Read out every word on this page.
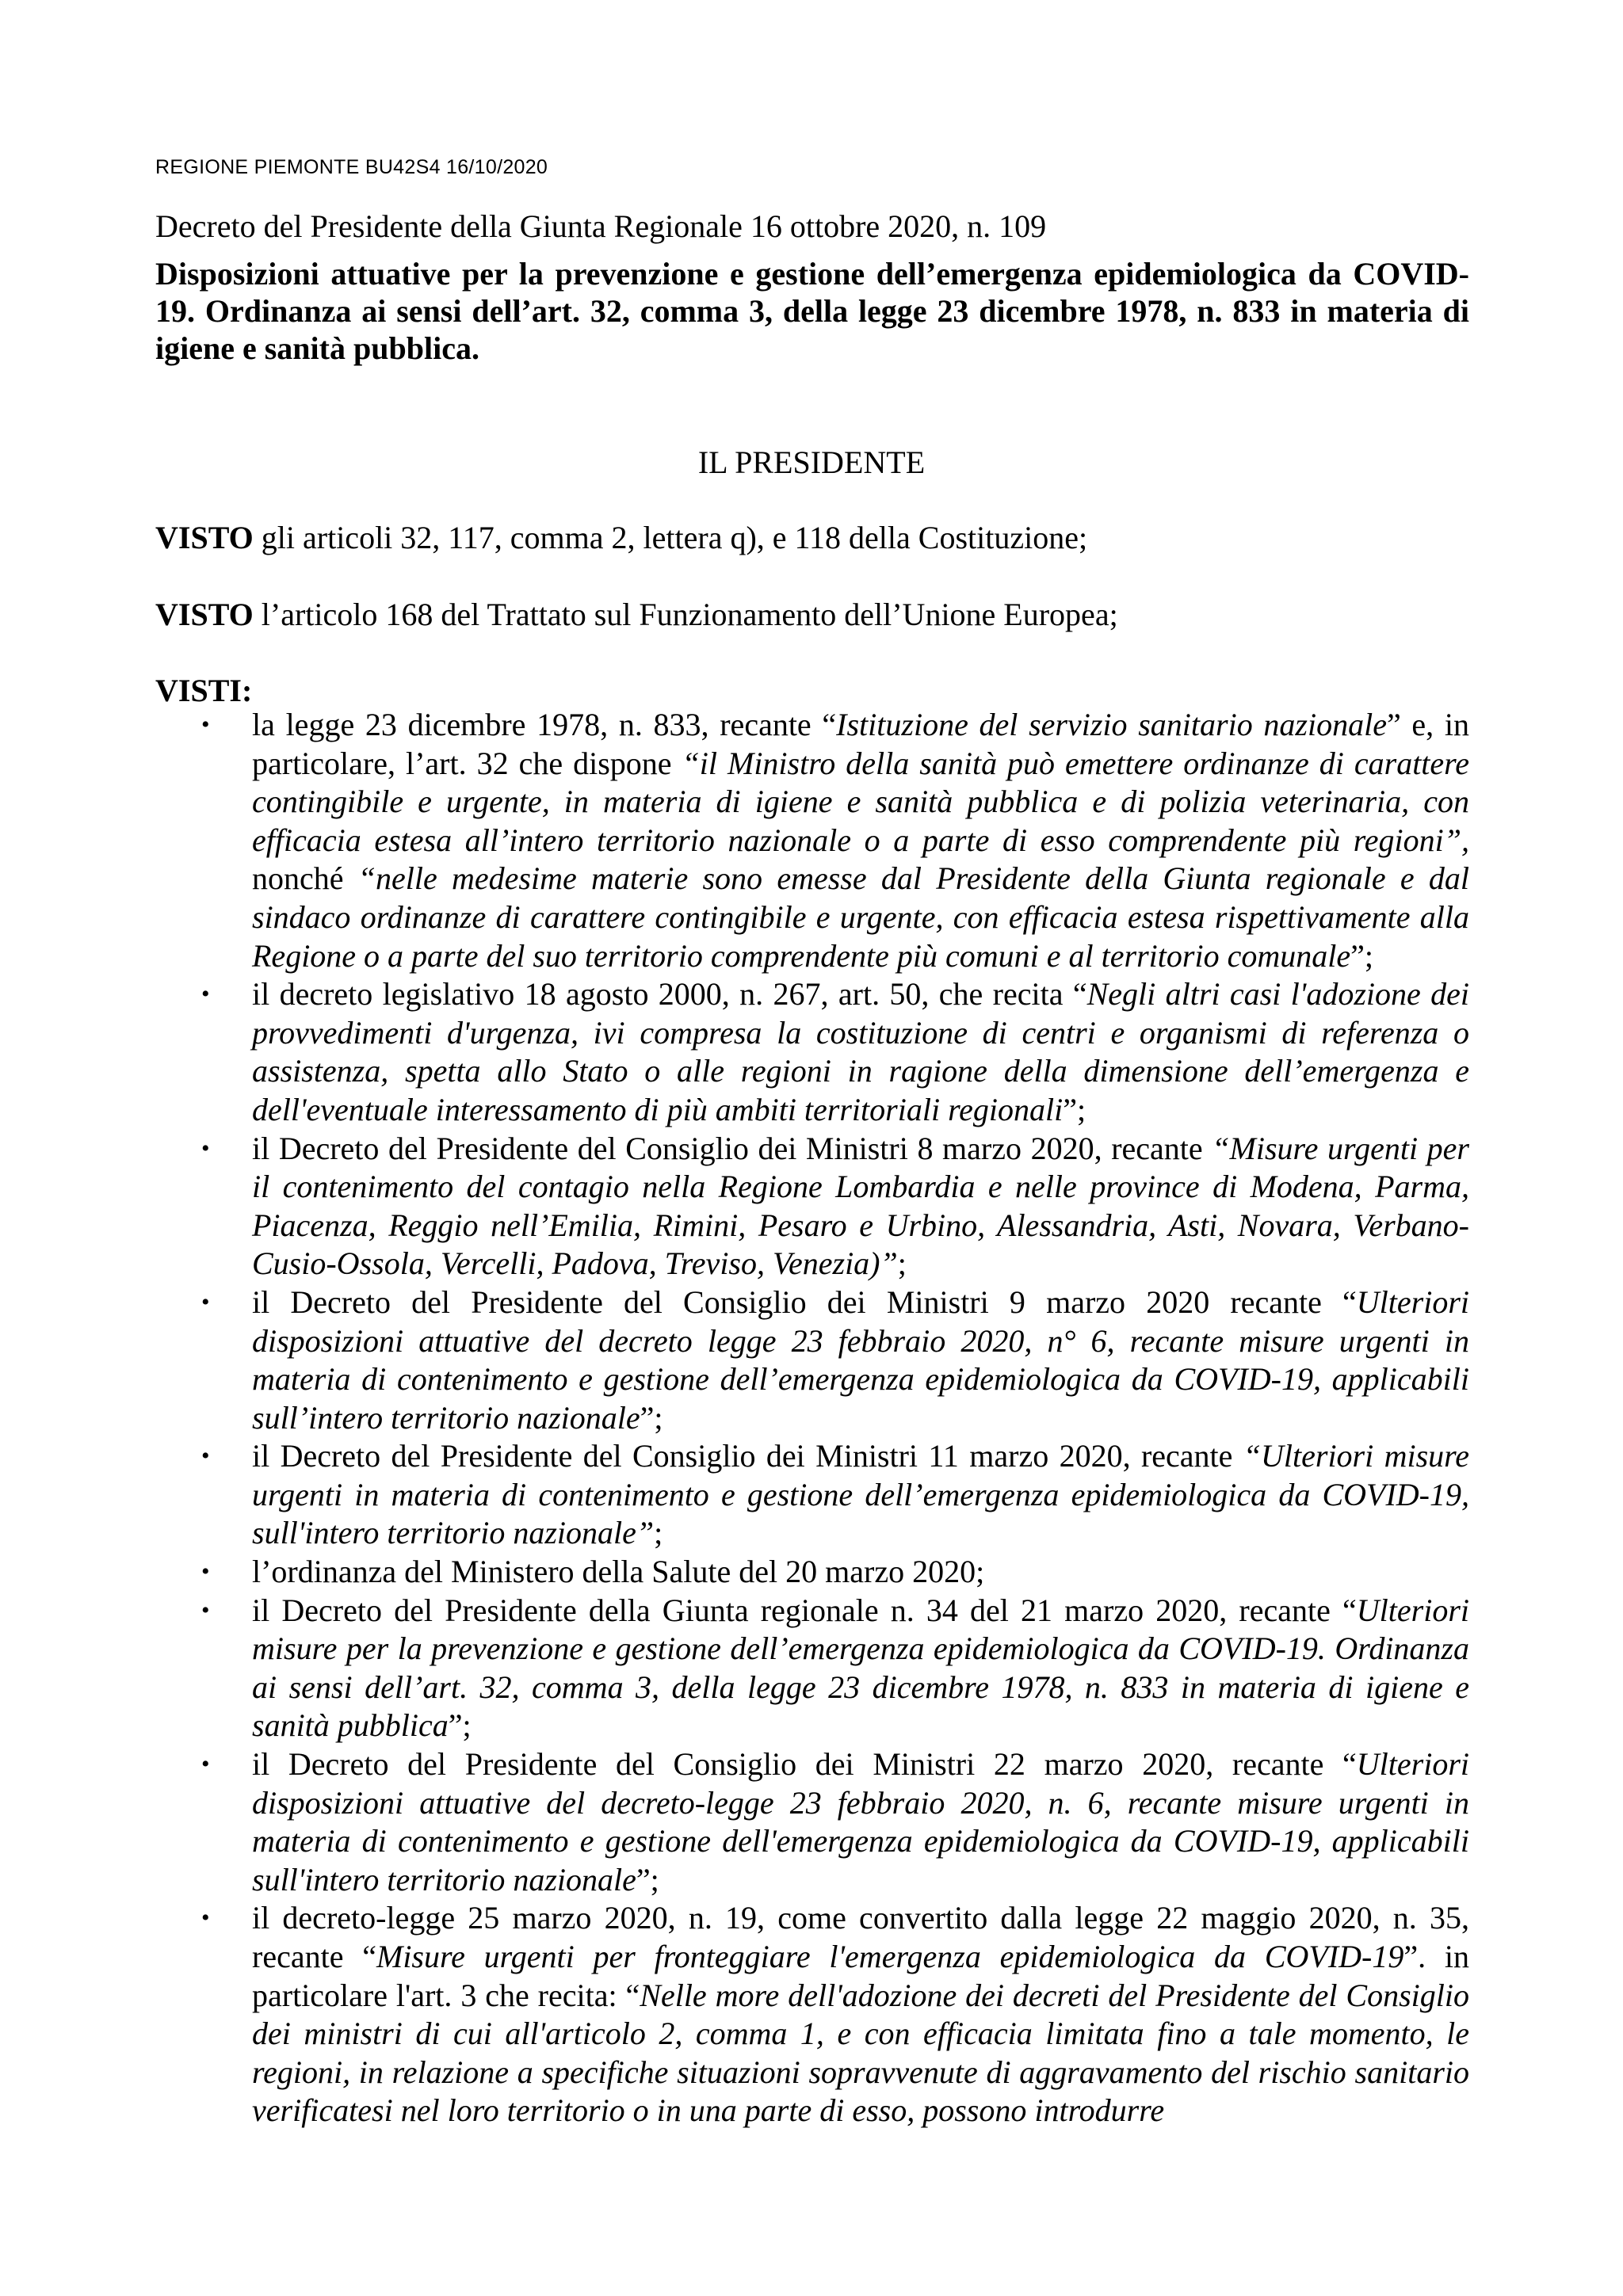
REGIONE PIEMONTE BU42S4 16/10/2020
Decreto del Presidente della Giunta Regionale 16 ottobre 2020, n. 109
Disposizioni attuative per la prevenzione e gestione dell’emergenza epidemiologica da COVID-19. Ordinanza ai sensi dell’art. 32, comma 3, della legge 23 dicembre 1978, n. 833 in materia di igiene e sanità pubblica.
IL PRESIDENTE
VISTO gli articoli 32, 117, comma 2, lettera q), e 118 della Costituzione;
VISTO l’articolo 168 del Trattato sul Funzionamento dell’Unione Europea;
VISTI:
• la legge 23 dicembre 1978, n. 833, recante “Istituzione del servizio sanitario nazionale” e, in particolare, l’art. 32 che dispone “il Ministro della sanità può emettere ordinanze di carattere contingibile e urgente, in materia di igiene e sanità pubblica e di polizia veterinaria, con efficacia estesa all’intero territorio nazionale o a parte di esso comprendente più regioni”, nonché “nelle medesime materie sono emesse dal Presidente della Giunta regionale e dal sindaco ordinanze di carattere contingibile e urgente, con efficacia estesa rispettivamente alla Regione o a parte del suo territorio comprendente più comuni e al territorio comunale”;
• il decreto legislativo 18 agosto 2000, n. 267, art. 50, che recita “Negli altri casi l'adozione dei provvedimenti d'urgenza, ivi compresa la costituzione di centri e organismi di referenza o assistenza, spetta allo Stato o alle regioni in ragione della dimensione dell’emergenza e dell'eventuale interessamento di più ambiti territoriali regionali”;
• il Decreto del Presidente del Consiglio dei Ministri 8 marzo 2020, recante “Misure urgenti per il contenimento del contagio nella Regione Lombardia e nelle province di Modena, Parma, Piacenza, Reggio nell’Emilia, Rimini, Pesaro e Urbino, Alessandria, Asti, Novara, Verbano-Cusio-Ossola, Vercelli, Padova, Treviso, Venezia)”;
• il Decreto del Presidente del Consiglio dei Ministri 9 marzo 2020 recante “Ulteriori disposizioni attuative del decreto legge 23 febbraio 2020, n° 6, recante misure urgenti in materia di contenimento e gestione dell’emergenza epidemiologica da COVID-19, applicabili sull’intero territorio nazionale”;
• il Decreto del Presidente del Consiglio dei Ministri 11 marzo 2020, recante “Ulteriori misure urgenti in materia di contenimento e gestione dell’emergenza epidemiologica da COVID-19, sull'intero territorio nazionale”;
• l’ordinanza del Ministero della Salute del 20 marzo 2020;
• il Decreto del Presidente della Giunta regionale n. 34 del 21 marzo 2020, recante “Ulteriori misure per la prevenzione e gestione dell’emergenza epidemiologica da COVID-19. Ordinanza ai sensi dell’art. 32, comma 3, della legge 23 dicembre 1978, n. 833 in materia di igiene e sanità pubblica”;
• il Decreto del Presidente del Consiglio dei Ministri 22 marzo 2020, recante “Ulteriori disposizioni attuative del decreto-legge 23 febbraio 2020, n. 6, recante misure urgenti in materia di contenimento e gestione dell'emergenza epidemiologica da COVID-19, applicabili sull'intero territorio nazionale”;
• il decreto-legge 25 marzo 2020, n. 19, come convertito dalla legge 22 maggio 2020, n. 35, recante “Misure urgenti per fronteggiare l'emergenza epidemiologica da COVID-19”. in particolare l'art. 3 che recita: “Nelle more dell'adozione dei decreti del Presidente del Consiglio dei ministri di cui all'articolo 2, comma 1, e con efficacia limitata fino a tale momento, le regioni, in relazione a specifiche situazioni sopravvenute di aggravamento del rischio sanitario verificatesi nel loro territorio o in una parte di esso, possono introdurre
